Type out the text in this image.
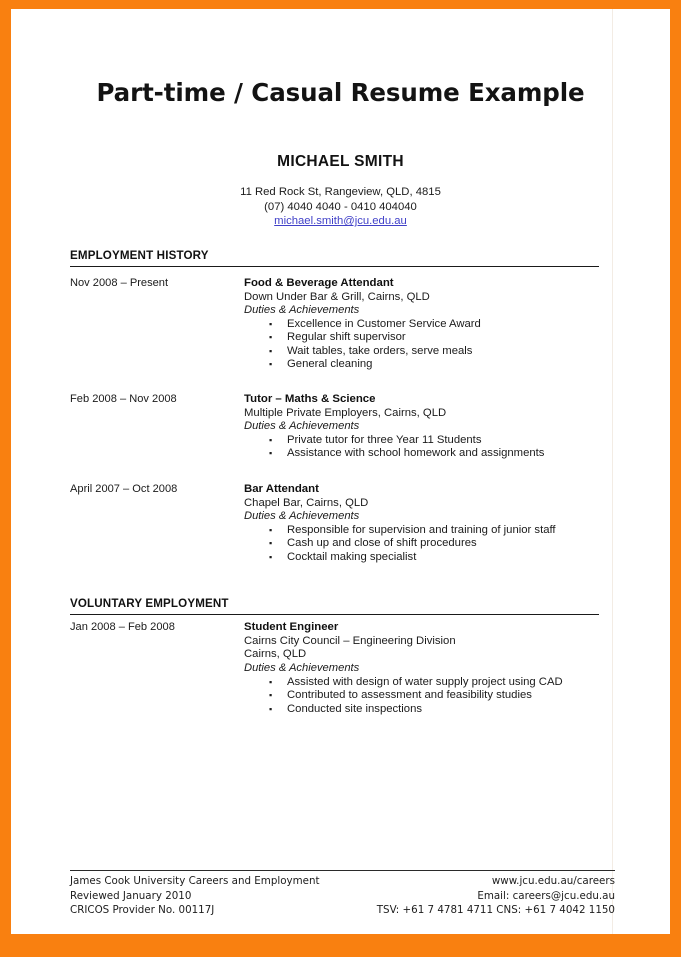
Part-time / Casual Resume Example
MICHAEL SMITH
11 Red Rock St, Rangeview, QLD, 4815
(07) 4040 4040 - 0410 404040
michael.smith@jcu.edu.au
EMPLOYMENT HISTORY
Nov 2008 – Present	Food & Beverage Attendant
Down Under Bar & Grill, Cairns, QLD
Duties & Achievements
▪ Excellence in Customer Service Award
▪ Regular shift supervisor
▪ Wait tables, take orders, serve meals
▪ General cleaning
Feb 2008 – Nov 2008	Tutor – Maths & Science
Multiple Private Employers, Cairns, QLD
Duties & Achievements
▪ Private tutor for three Year 11 Students
▪ Assistance with school homework and assignments
April 2007 – Oct 2008	Bar Attendant
Chapel Bar, Cairns, QLD
Duties & Achievements
▪ Responsible for supervision and training of junior staff
▪ Cash up and close of shift procedures
▪ Cocktail making specialist
VOLUNTARY EMPLOYMENT
Jan 2008 – Feb 2008	Student Engineer
Cairns City Council – Engineering Division
Cairns, QLD
Duties & Achievements
▪ Assisted with design of water supply project using CAD
▪ Contributed to assessment and feasibility studies
▪ Conducted site inspections
James Cook University Careers and Employment	www.jcu.edu.au/careers
Reviewed January 2010	Email: careers@jcu.edu.au
CRICOS Provider No. 00117J	TSV: +61 7 4781 4711 CNS: +61 7 4042 1150
